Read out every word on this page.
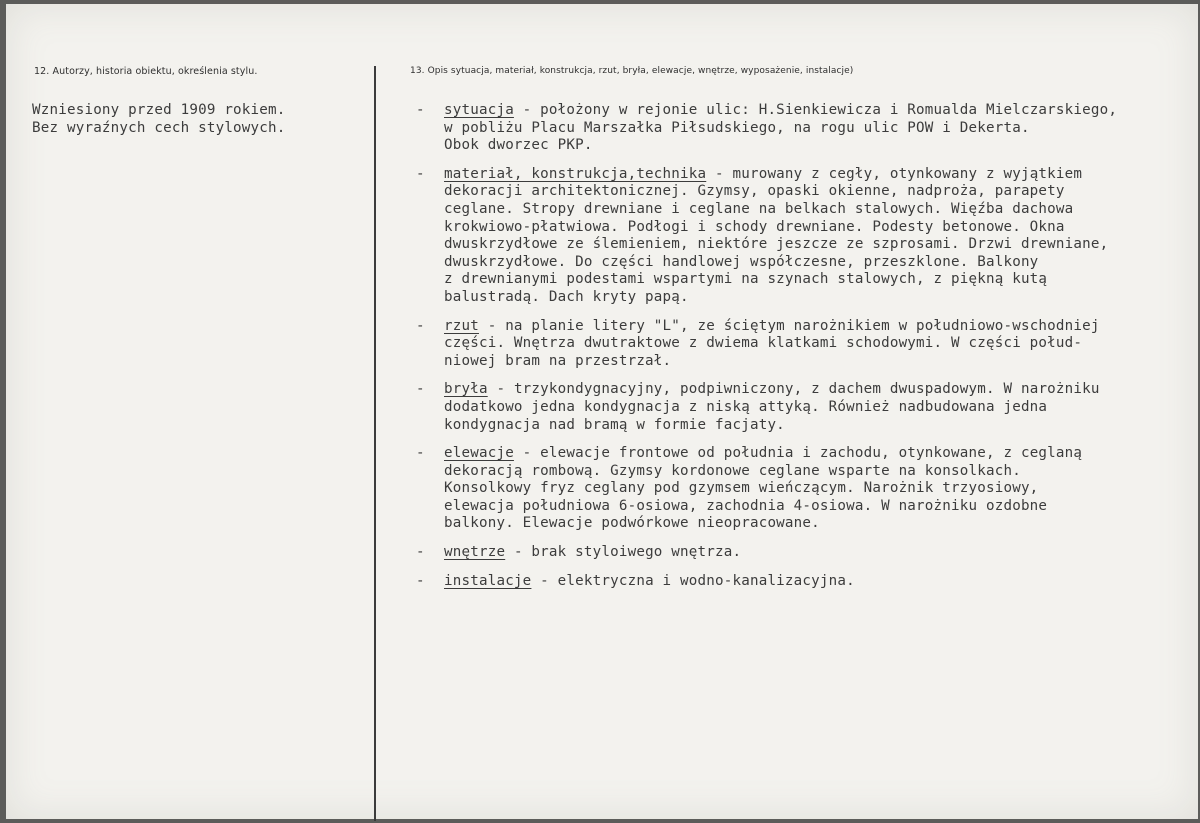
12. Autorzy, historia obiektu, określenia stylu.	13. Opis sytuacja, materiał, konstrukcja, rzut, bryła, elewacje, wnętrze, wyposażenie, instalacje)
Wzniesiony przed 1909 rokiem.
Bez wyraźnych cech stylowych.
- sytuacja - położony w rejonie ulic: H.Sienkiewicza i Romualda Mielczarskiego,
w pobliżu Placu Marszałka Piłsudskiego, na rogu ulic POW i Dekerta.
Obok dworzec PKP.
- materiał, konstrukcja,technika - murowany z cegły, otynkowany z wyjątkiem
dekoracji architektonicznej. Gzymsy, opaski okienne, nadproża, parapety
ceglane. Stropy drewniane i ceglane na belkach stalowych. Więźba dachowa
krokwiowo-płatwiowa. Podłogi i schody drewniane. Podesty betonowe. Okna
dwuskrzydłowe ze ślemieniem, niektóre jeszcze ze szprosami. Drzwi drewniane,
dwuskrzydłowe. Do części handlowej współczesne, przeszklone. Balkony
z drewnianymi podestami wspartymi na szynach stalowych, z piękną kutą
balustradą. Dach kryty papą.
- rzut - na planie litery "L", ze ściętym narożnikiem w południowo-wschodniej
części. Wnętrza dwutraktowe z dwiema klatkami schodowymi. W części połud-
niowej bram na przestrzał.
- bryła - trzykondygnacyjny, podpiwniczony, z dachem dwuspadowym. W narożniku
dodatkowo jedna kondygnacja z niską attyką. Również nadbudowana jedna
kondygnacja nad bramą w formie facjaty.
- elewacje - elewacje frontowe od południa i zachodu, otynkowane, z ceglaną
dekoracją rombową. Gzymsy kordonowe ceglane wsparte na konsolkach.
Konsolkowy fryz ceglany pod gzymsem wieńczącym. Narożnik trzyosiowy,
elewacja południowa 6-osiowa, zachodnia 4-osiowa. W narożniku ozdobne
balkony. Elewacje podwórkowe nieopracowane.
- wnętrze - brak styloiwego wnętrza.
- instalacje - elektryczna i wodno-kanalizacyjna.
